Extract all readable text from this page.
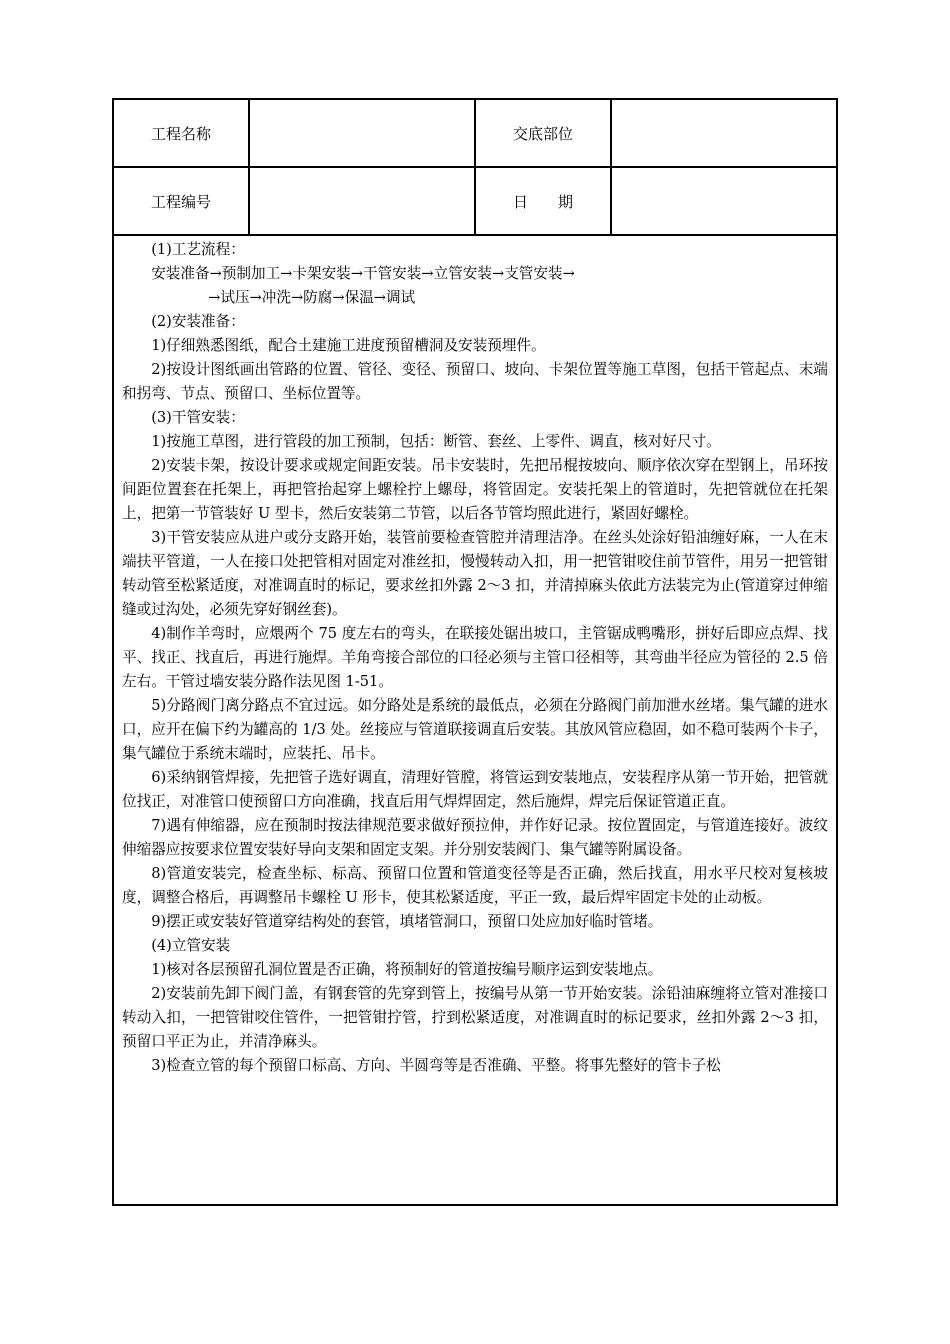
工程名称	交底部位
工程编号	日　　期

(1)工艺流程：

安装准备→预制加工→卡架安装→干管安装→立管安装→支管安装→

→试压→冲洗→防腐→保温→调试

(2)安装准备：

1)仔细熟悉图纸，配合土建施工进度预留槽洞及安装预埋件。

2)按设计图纸画出管路的位置、管径、变径、预留口、坡向、卡架位置等施工草图，包括干管起点、末端和拐弯、节点、预留口、坐标位置等。

(3)干管安装：

1)按施工草图，进行管段的加工预制，包括：断管、套丝、上零件、调直，核对好尺寸。

2)安装卡架，按设计要求或规定间距安装。吊卡安装时，先把吊棍按坡向、顺序依次穿在型钢上，吊环按间距位置套在托架上，再把管抬起穿上螺栓拧上螺母，将管固定。安装托架上的管道时，先把管就位在托架上，把第一节管装好 U 型卡，然后安装第二节管，以后各节管均照此进行，紧固好螺栓。

3)干管安装应从进户或分支路开始，装管前要检查管腔并清理洁净。在丝头处涂好铅油缠好麻，一人在末端扶平管道，一人在接口处把管相对固定对准丝扣，慢慢转动入扣，用一把管钳咬住前节管件，用另一把管钳转动管至松紧适度，对准调直时的标记，要求丝扣外露 2～3 扣，并清掉麻头依此方法装完为止(管道穿过伸缩缝或过沟处，必须先穿好钢丝套)。

4)制作羊弯时，应煨两个 75 度左右的弯头，在联接处锯出坡口，主管锯成鸭嘴形，拼好后即应点焊、找平、找正、找直后，再进行施焊。羊角弯接合部位的口径必须与主管口径相等，其弯曲半径应为管径的 2.5 倍左右。干管过墙安装分路作法见图 1-51。

5)分路阀门离分路点不宜过远。如分路处是系统的最低点，必须在分路阀门前加泄水丝堵。集气罐的进水口，应开在偏下约为罐高的 1/3 处。丝接应与管道联接调直后安装。其放风管应稳固，如不稳可装两个卡子，集气罐位于系统末端时，应装托、吊卡。

6)采纳钢管焊接，先把管子选好调直，清理好管膛，将管运到安装地点，安装程序从第一节开始，把管就位找正，对准管口使预留口方向准确，找直后用气焊焊固定，然后施焊，焊完后保证管道正直。

7)遇有伸缩器，应在预制时按法律规范要求做好预拉伸，并作好记录。按位置固定，与管道连接好。波纹伸缩器应按要求位置安装好导向支架和固定支架。并分别安装阀门、集气罐等附属设备。

8)管道安装完，检查坐标、标高、预留口位置和管道变径等是否正确，然后找直，用水平尺校对复核坡度，调整合格后，再调整吊卡螺栓 U 形卡，使其松紧适度，平正一致，最后焊牢固定卡处的止动板。

9)摆正或安装好管道穿结构处的套管，填堵管洞口，预留口处应加好临时管堵。

(4)立管安装

1)核对各层预留孔洞位置是否正确，将预制好的管道按编号顺序运到安装地点。

2)安装前先卸下阀门盖，有钢套管的先穿到管上，按编号从第一节开始安装。涂铅油麻缠将立管对准接口转动入扣，一把管钳咬住管件，一把管钳拧管，拧到松紧适度，对准调直时的标记要求，丝扣外露 2～3 扣，预留口平正为止，并清净麻头。

3)检查立管的每个预留口标高、方向、半圆弯等是否准确、平整。将事先整好的管卡子松
